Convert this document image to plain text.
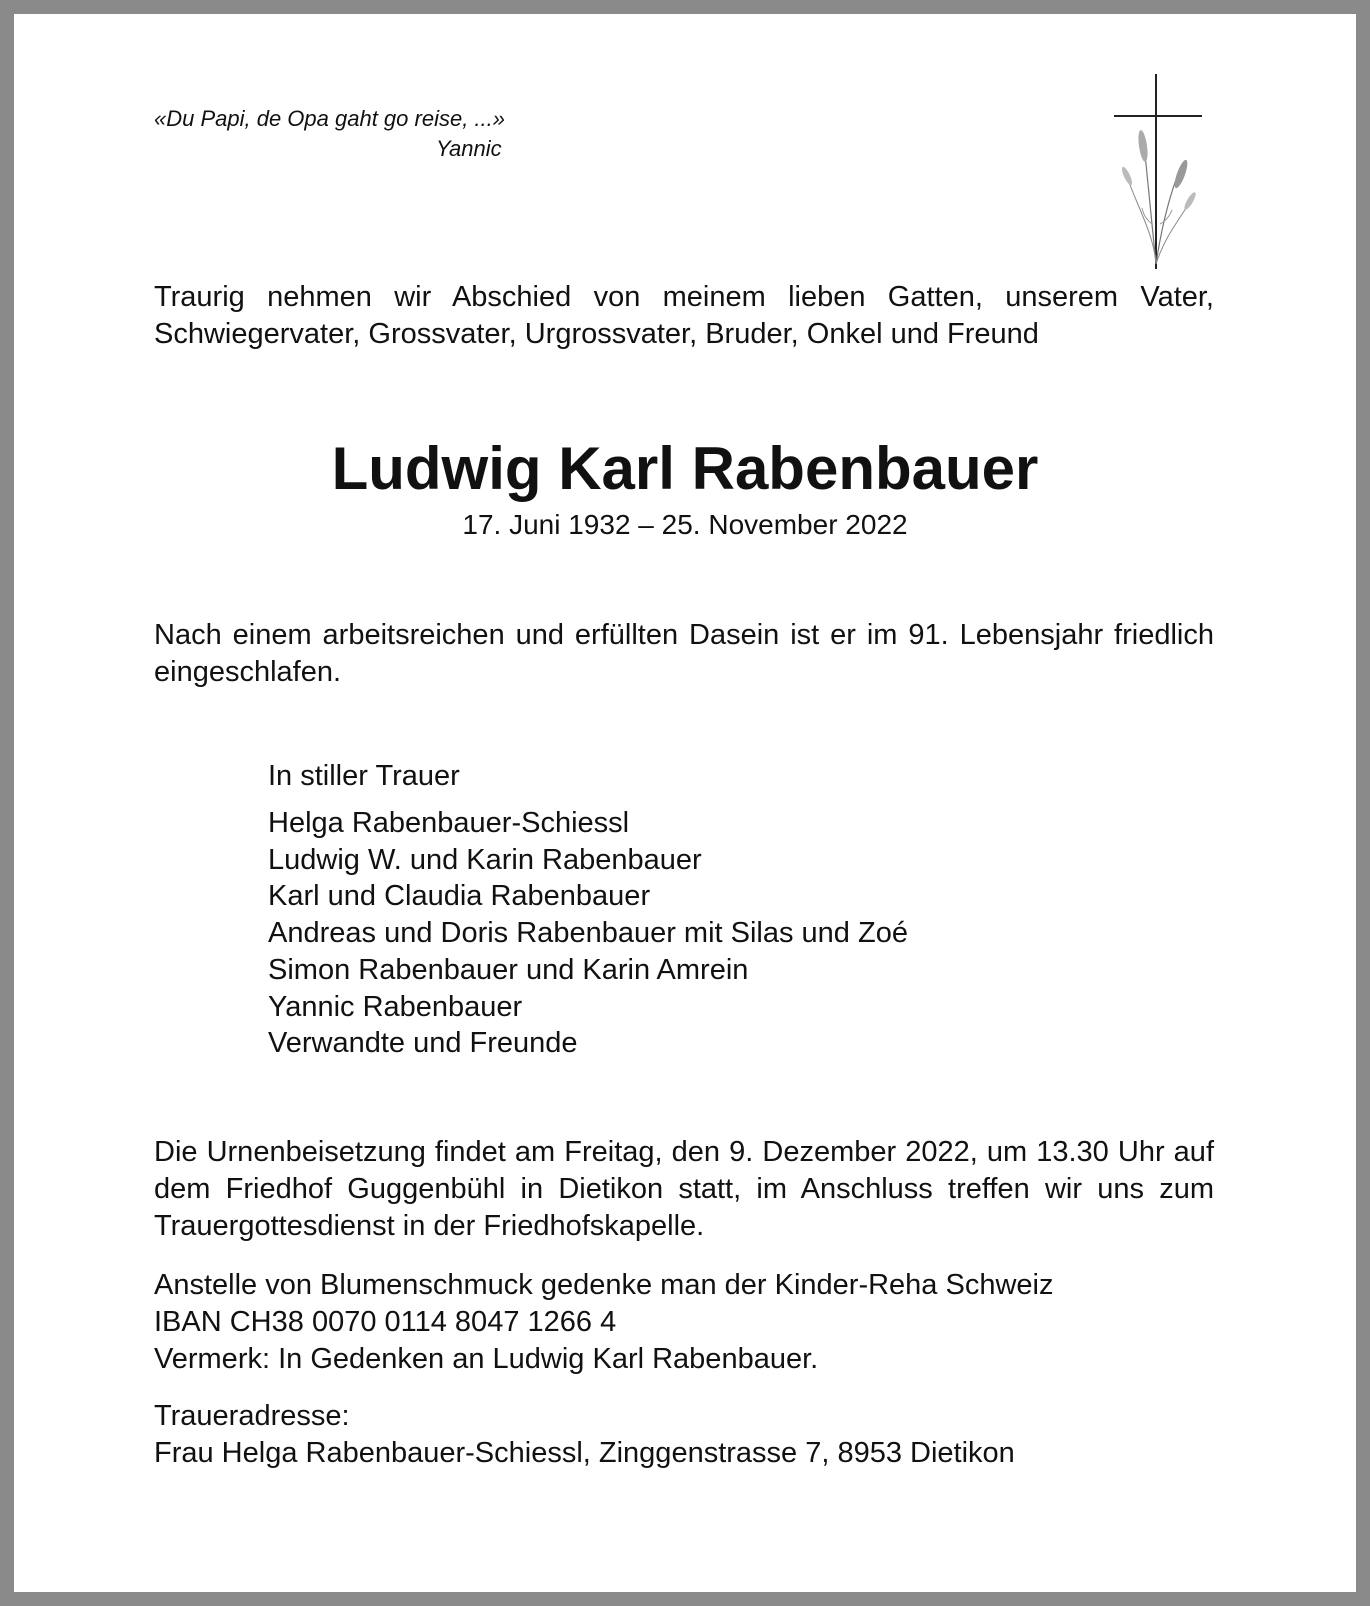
«Du Papi, de Opa gaht go reise, ...»
Yannic
Traurig nehmen wir Abschied von meinem lieben Gatten, unserem Vater, Schwiegervater, Grossvater, Urgrossvater, Bruder, Onkel und Freund
Ludwig Karl Rabenbauer
17. Juni 1932 – 25. November 2022
Nach einem arbeitsreichen und erfüllten Dasein ist er im 91. Lebensjahr friedlich eingeschlafen.
In stiller Trauer
Helga Rabenbauer-Schiessl
Ludwig W. und Karin Rabenbauer
Karl und Claudia Rabenbauer
Andreas und Doris Rabenbauer mit Silas und Zoé
Simon Rabenbauer und Karin Amrein
Yannic Rabenbauer
Verwandte und Freunde
Die Urnenbeisetzung findet am Freitag, den 9. Dezember 2022, um 13.30 Uhr auf dem Friedhof Guggenbühl in Dietikon statt, im Anschluss treffen wir uns zum Trauergottesdienst in der Friedhofskapelle.
Anstelle von Blumenschmuck gedenke man der Kinder-Reha Schweiz
IBAN CH38 0070 0114 8047 1266 4
Vermerk: In Gedenken an Ludwig Karl Rabenbauer.
Traueradresse:
Frau Helga Rabenbauer-Schiessl, Zinggenstrasse 7, 8953 Dietikon
